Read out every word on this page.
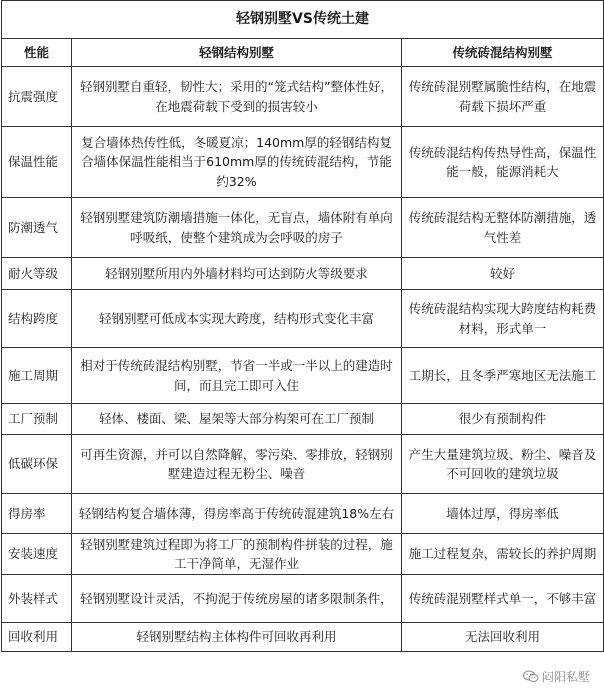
轻钢别墅VS传统土建		
性能	轻钢结构别墅	传统砖混结构别墅
抗震强度	轻钢别墅自重轻，韧性大；采用的“笼式结构”整体性好，在地震荷载下受到的损害较小	传统砖混别墅属脆性结构，在地震荷载下损坏严重
保温性能	复合墙体热传性低，冬暖夏凉；140mm厚的轻钢结构复合墙体保温性能相当于610mm厚的传统砖混结构，节能约32%	传统砖混结构传热导性高，保温性能一般，能源消耗大
防潮透气	轻钢别墅建筑防潮墙措施一体化，无盲点，墙体附有单向呼吸纸，使整个建筑成为会呼吸的房子	传统砖混结构无整体防潮措施，透气性差
耐火等级	轻钢别墅所用内外墙材料均可达到防火等级要求	较好
结构跨度	轻钢别墅可低成本实现大跨度，结构形式变化丰富	传统砖混结构实现大跨度结构耗费材料，形式单一
施工周期	相对于传统砖混结构别墅，节省一半或一半以上的建造时间，而且完工即可入住	工期长，且冬季严寒地区无法施工
工厂预制	轻体、楼面、梁、屋架等大部分构架可在工厂预制	很少有预制构件
低碳环保	可再生资源，并可以自然降解，零污染、零排放，轻钢别墅建造过程无粉尘、噪音	产生大量建筑垃圾、粉尘、噪音及不可回收的建筑垃圾
得房率	轻钢结构复合墙体薄，得房率高于传统砖混建筑18%左右	墙体过厚，得房率低
安装速度	轻钢别墅建筑过程即为将工厂的预制构件拼装的过程，施工干净简单，无湿作业	施工过程复杂，需较长的养护周期
外装样式	轻钢别墅设计灵活，不拘泥于传统房屋的诸多限制条件，	传统砖混别墅样式单一，不够丰富
回收利用	轻钢别墅结构主体构件可回收再利用	无法回收利用
闷阳私墅
